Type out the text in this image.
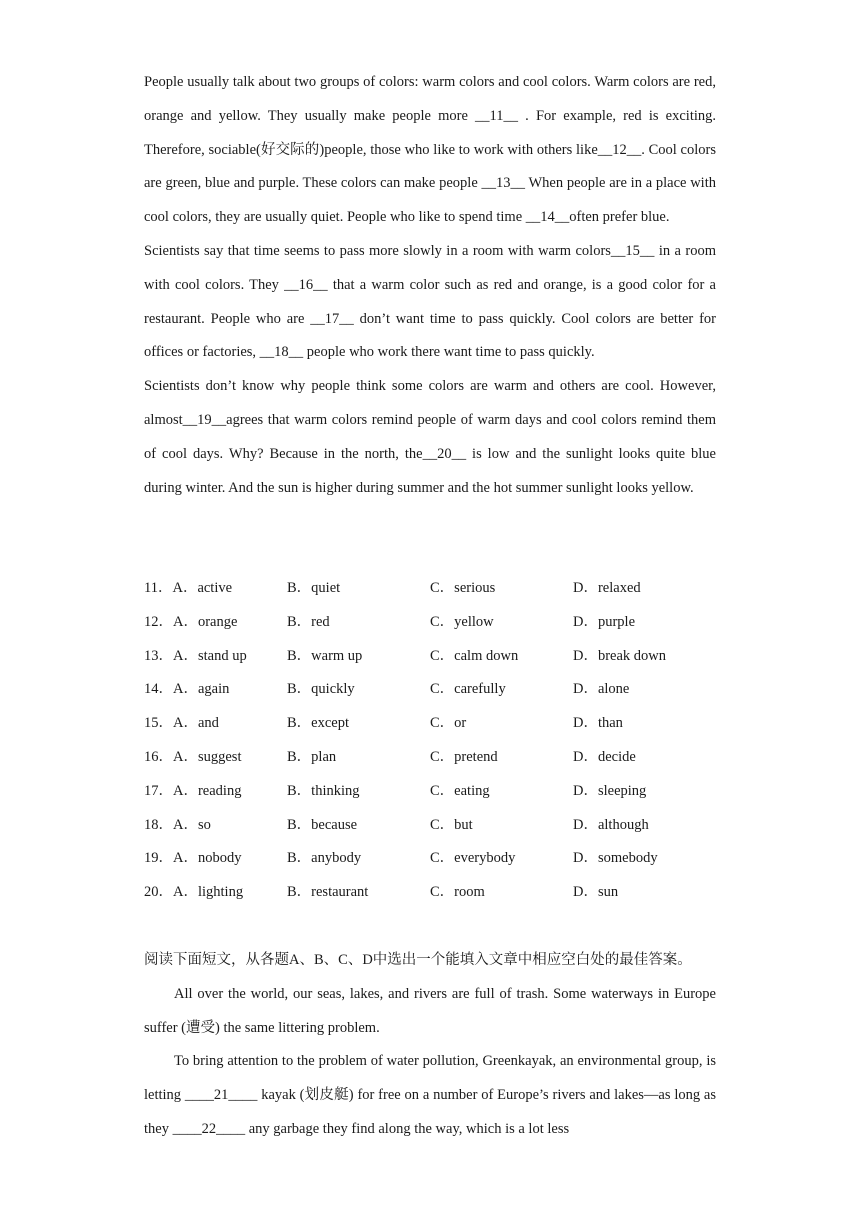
People usually talk about two groups of colors: warm colors and cool colors. Warm colors are red, orange and yellow. They usually make people more __11__ . For example, red is exciting. Therefore, sociable(好交际的)people, those who like to work with others like__12__. Cool colors are green, blue and purple. These colors can make people __13__ When people are in a place with cool colors, they are usually quiet. People who like to spend time __14__often prefer blue.

Scientists say that time seems to pass more slowly in a room with warm colors__15__ in a room with cool colors. They __16__ that a warm color such as red and orange, is a good color for a restaurant. People who are __17__ don’t want time to pass quickly. Cool colors are better for offices or factories, __18__ people who work there want time to pass quickly.

Scientists don’t know why people think some colors are warm and others are cool. However, almost__19__agrees that warm colors remind people of warm days and cool colors remind them of cool days. Why? Because in the north, the__20__ is low and the sunlight looks quite blue during winter. And the sun is higher during summer and the hot summer sunlight looks yellow.

11．A．active	B．quiet	C．serious	D．relaxed
12．A．orange	B．red	C．yellow	D．purple
13．A．stand up	B．warm up	C．calm down	D．break down
14．A．again	B．quickly	C．carefully	D．alone
15．A．and	B．except	C．or	D．than
16．A．suggest	B．plan	C．pretend	D．decide
17．A．reading	B．thinking	C．eating	D．sleeping
18．A．so	B．because	C．but	D．although
19．A．nobody	B．anybody	C．everybody	D．somebody
20．A．lighting	B．restaurant	C．room	D．sun

阅读下面短文，从各题A、B、C、D中选出一个能填入文章中相应空白处的最佳答案。

All over the world, our seas, lakes, and rivers are full of trash. Some waterways in Europe suffer (遭受) the same littering problem.

To bring attention to the problem of water pollution, Greenkayak, an environmental group, is letting ____21____ kayak (划皮艇) for free on a number of Europe’s rivers and lakes—as long as they ____22____ any garbage they find along the way, which is a lot less
